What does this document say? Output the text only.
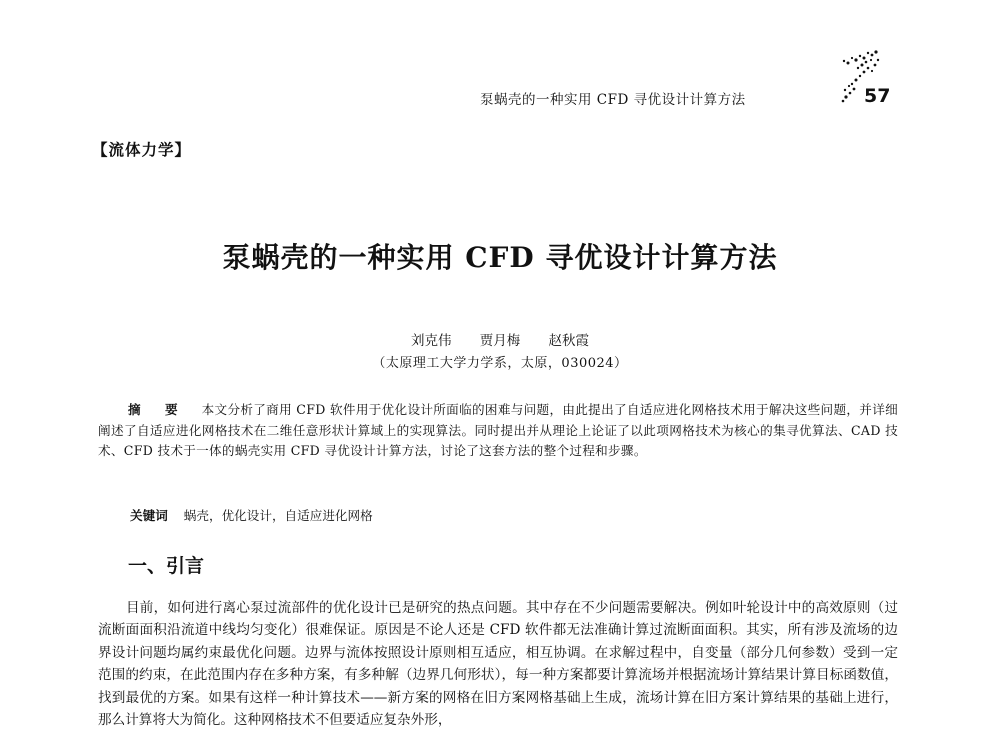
泵蜗壳的一种实用 CFD 寻优设计计算方法	57
【流体力学】
泵蜗壳的一种实用 CFD 寻优设计计算方法
刘克伟 贾月梅 赵秋霞
（太原理工大学力学系，太原，030024）
摘 要 本文分析了商用 CFD 软件用于优化设计所面临的困难与问题，由此提出了自适应进化网格技术用于解决这些问题，并详细阐述了自适应进化网格技术在二维任意形状计算域上的实现算法。同时提出并从理论上论证了以此项网格技术为核心的集寻优算法、CAD 技术、CFD 技术于一体的蜗壳实用 CFD 寻优设计计算方法，讨论了这套方法的整个过程和步骤。
关键词 蜗壳，优化设计，自适应进化网格
一、引言

目前，如何进行离心泵过流部件的优化设计已是研究的热点问题。其中存在不少问题需要解决。例如叶轮设计中的高效原则（过流断面面积沿流道中线均匀变化）很难保证。原因是不论人还是 CFD 软件都无法准确计算过流断面面积。其实，所有涉及流场的边界设计问题均属约束最优化问题。边界与流体按照设计原则相互适应，相互协调。在求解过程中，自变量（部分几何参数）受到一定范围的约束，在此范围内存在多种方案，有多种解（边界几何形状），每一种方案都要计算流场并根据流场计算结果计算目标函数值，找到最优的方案。如果有这样一种计算技术——新方案的网格在旧方案网格基础上生成，流场计算在旧方案计算结果的基础上进行，那么计算将大为简化。这种网格技术不但要适应复杂外形，
